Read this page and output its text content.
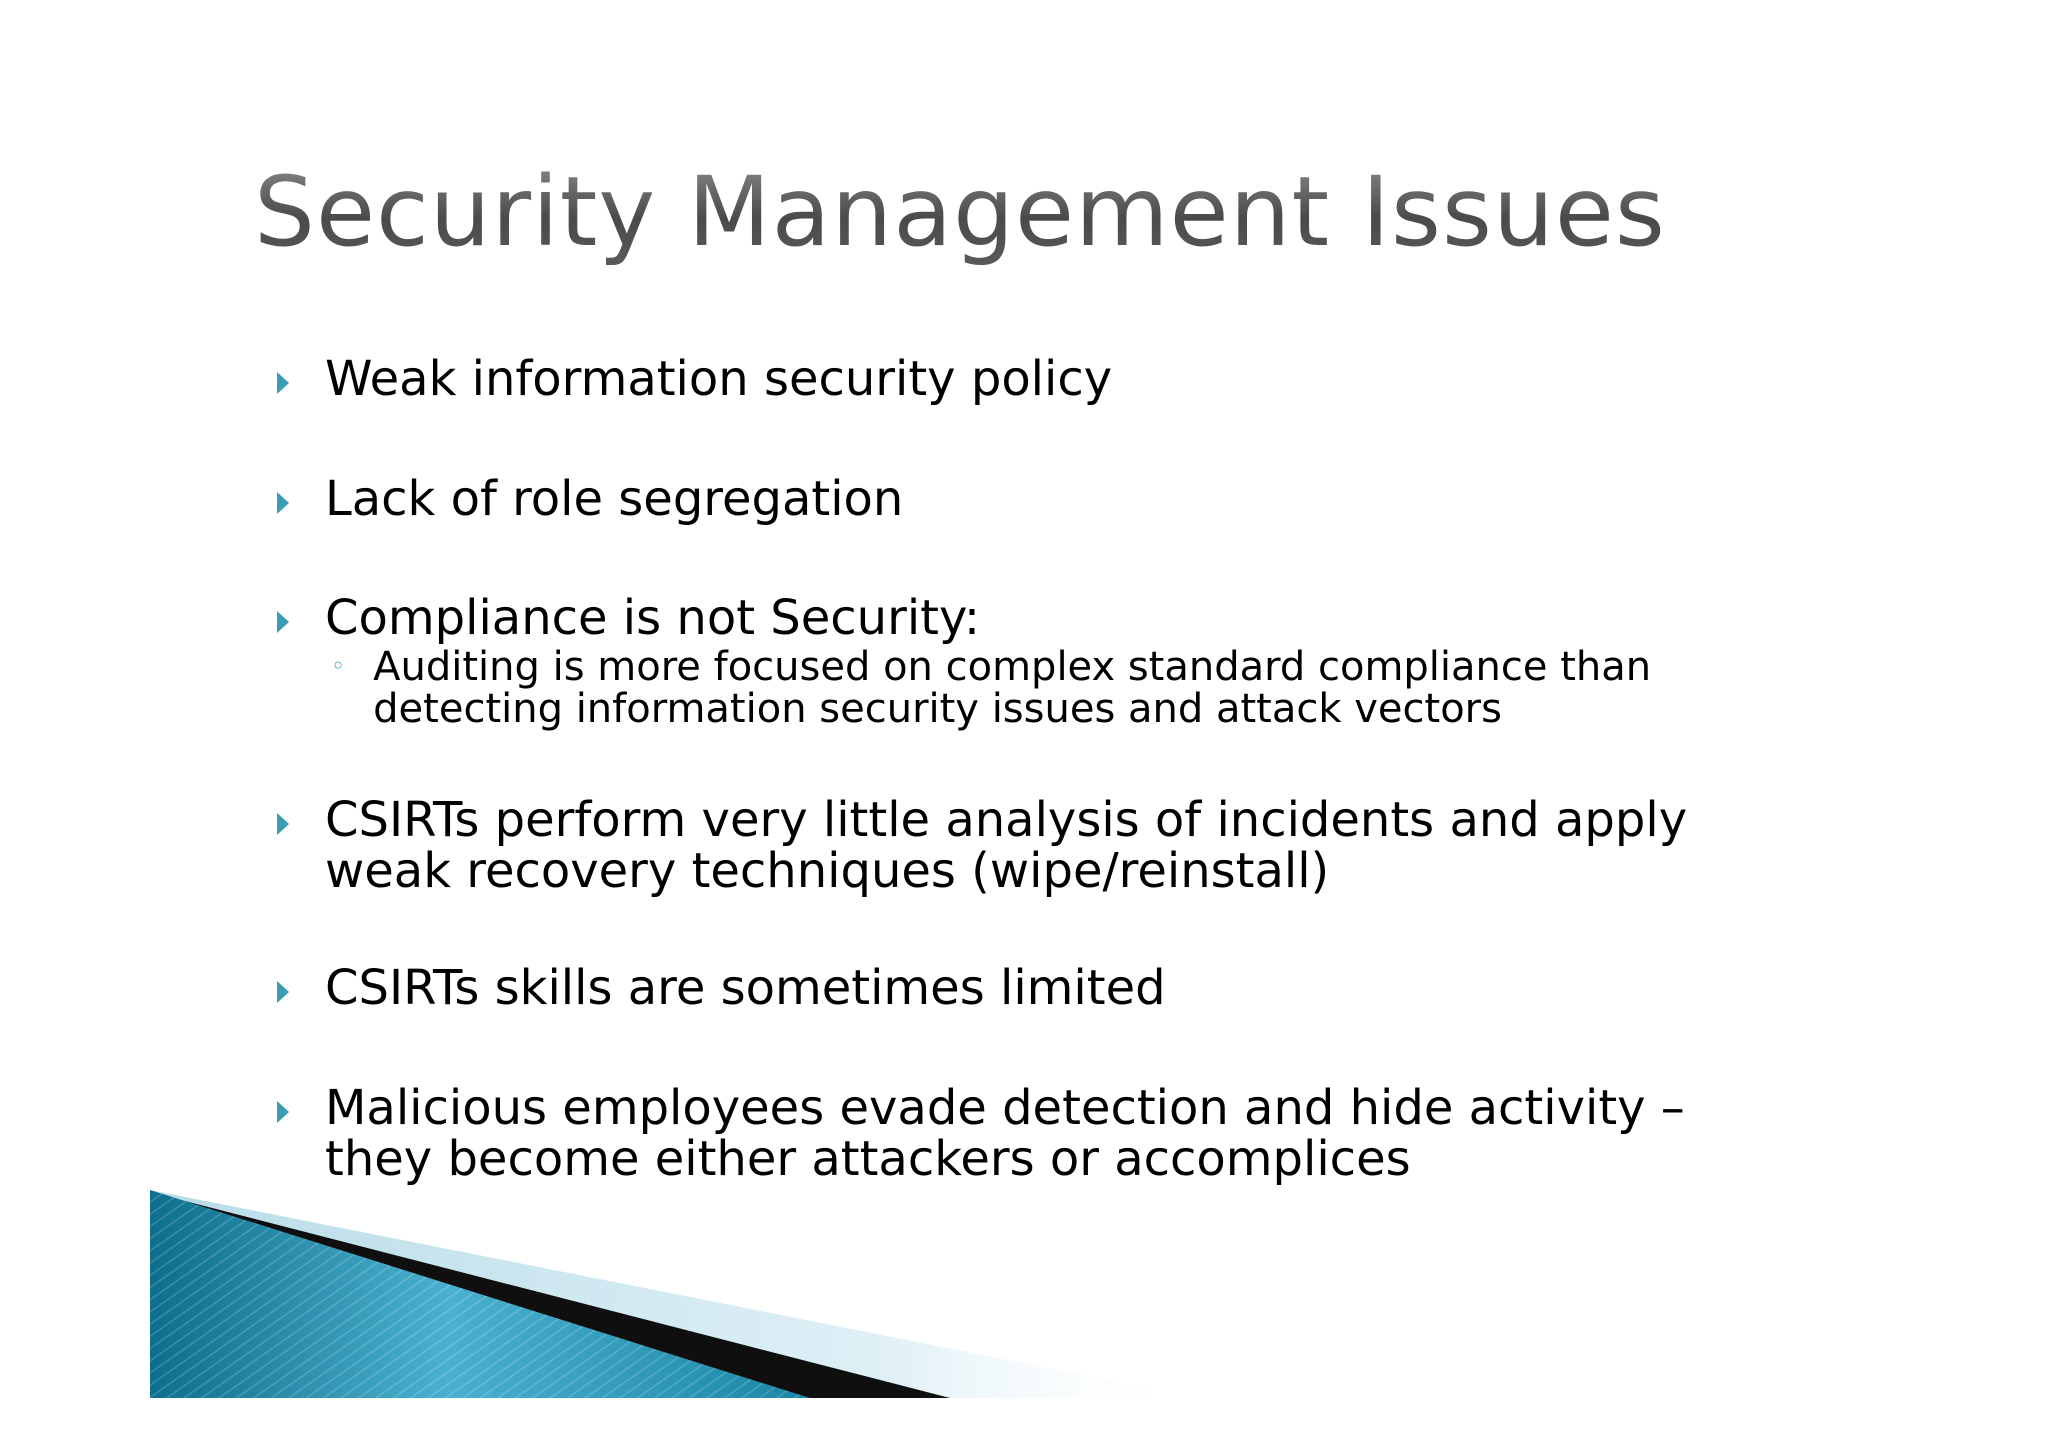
Security Management Issues
Weak information security policy
Lack of role segregation
Compliance is not Security:
◦ Auditing is more focused on complex standard compliance than
detecting information security issues and attack vectors
CSIRTs perform very little analysis of incidents and apply
weak recovery techniques (wipe/reinstall)
CSIRTs skills are sometimes limited
Malicious employees evade detection and hide activity –
they become either attackers or accomplices
